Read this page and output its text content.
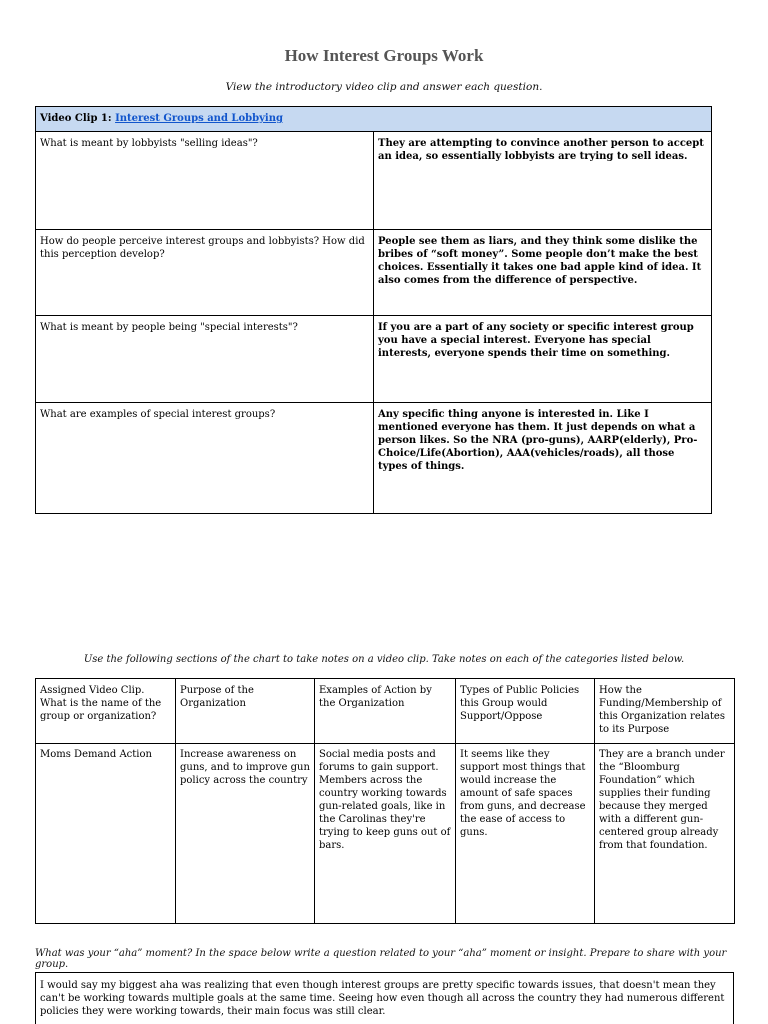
How Interest Groups Work
View the introductory video clip and answer each question.
Video Clip 1: Interest Groups and Lobbying	
What is meant by lobbyists "selling ideas"?	They are attempting to convince another person to accept an idea, so essentially lobbyists are trying to sell ideas.
How do people perceive interest groups and lobbyists? How did this perception develop?	People see them as liars, and they think some dislike the bribes of “soft money”. Some people don’t make the best choices. Essentially it takes one bad apple kind of idea. It also comes from the difference of perspective.
What is meant by people being "special interests"?	If you are a part of any society or specific interest group you have a special interest. Everyone has special interests, everyone spends their time on something.
What are examples of special interest groups?	Any specific thing anyone is interested in. Like I mentioned everyone has them. It just depends on what a person likes. So the NRA (pro-guns), AARP(elderly), Pro-Choice/Life(Abortion), AAA(vehicles/roads), all those types of things.
Use the following sections of the chart to take notes on a video clip. Take notes on each of the categories listed below.
Assigned Video Clip. What is the name of the group or organization?	Purpose of the Organization	Examples of Action by the Organization	Types of Public Policies this Group would Support/Oppose	How the Funding/Membership of this Organization relates to its Purpose
Moms Demand Action	Increase awareness on guns, and to improve gun policy across the country	Social media posts and forums to gain support. Members across the country working towards gun-related goals, like in the Carolinas they're trying to keep guns out of bars.	It seems like they support most things that would increase the amount of safe spaces from guns, and decrease the ease of access to guns.	They are a branch under the “Bloomburg Foundation” which supplies their funding because they merged with a different gun-centered group already from that foundation.
What was your “aha” moment? In the space below write a question related to your “aha” moment or insight. Prepare to share with your group.
I would say my biggest aha was realizing that even though interest groups are pretty specific towards issues, that doesn't mean they can't be working towards multiple goals at the same time. Seeing how even though all across the country they had numerous different policies they were working towards, their main focus was still clear.
